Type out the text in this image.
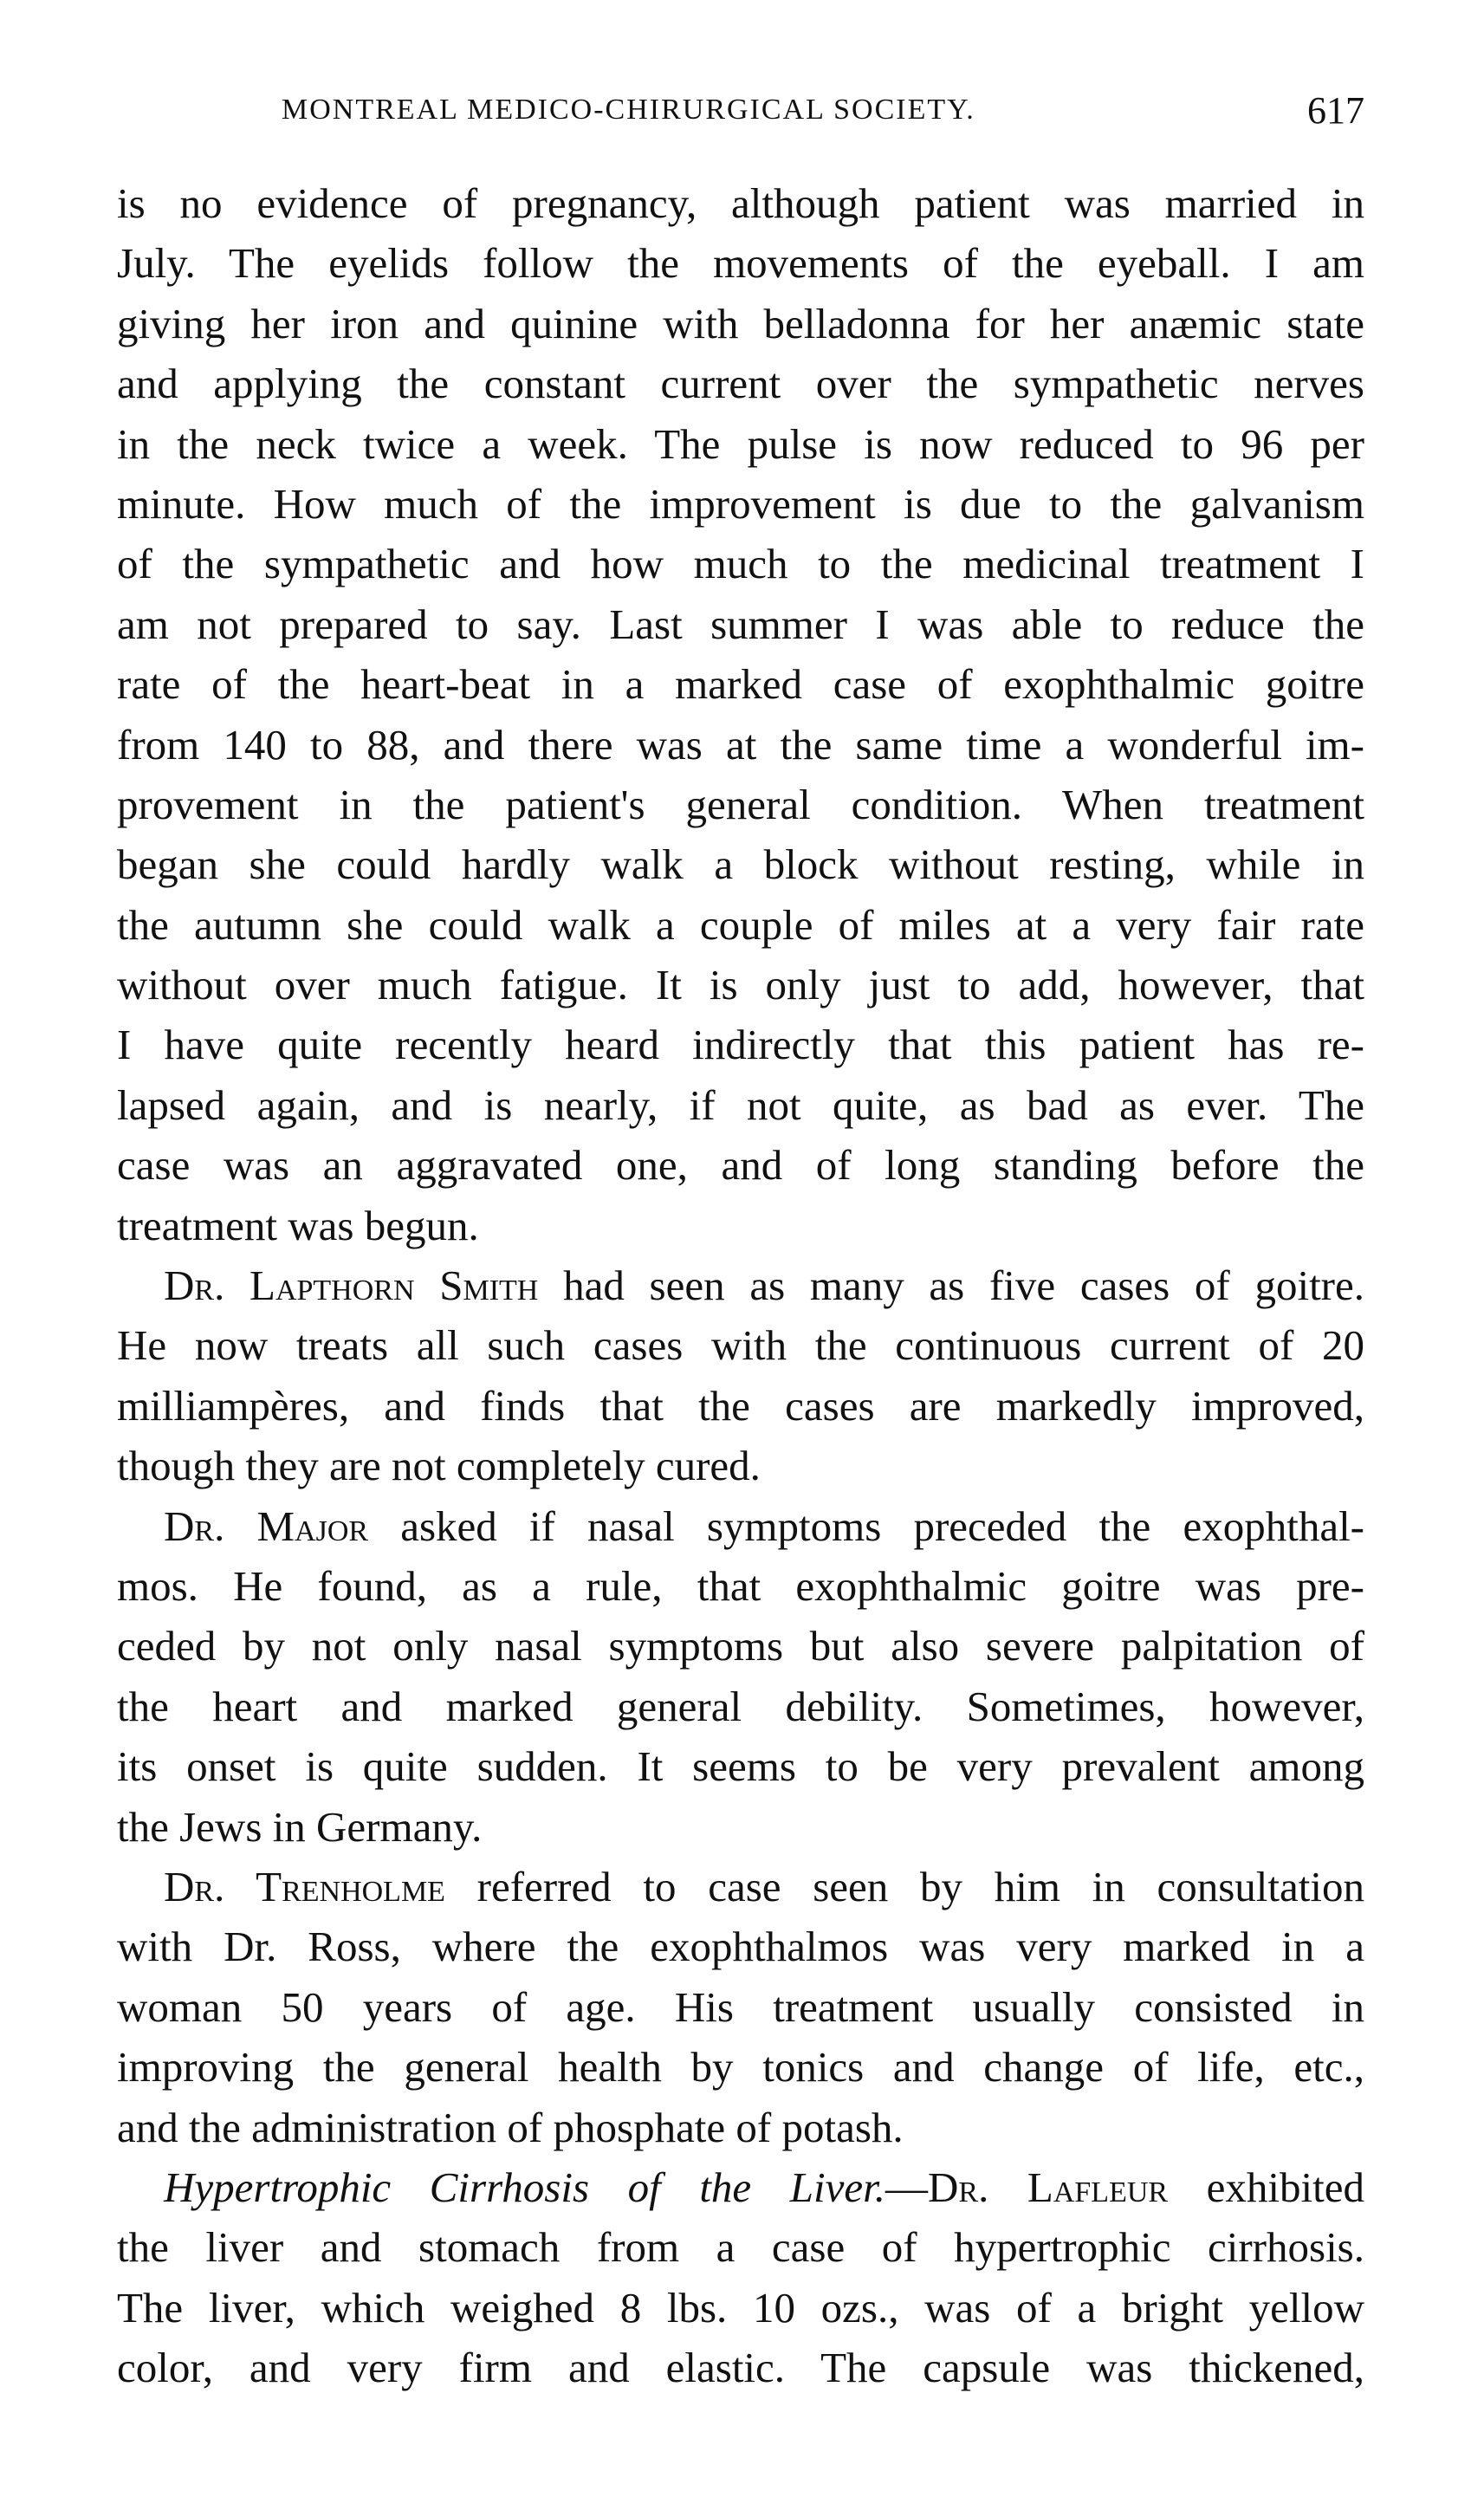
MONTREAL MEDICO-CHIRURGICAL SOCIETY.	617
is no evidence of pregnancy, although patient was married in
July. The eyelids follow the movements of the eyeball. I am
giving her iron and quinine with belladonna for her anæmic state
and applying the constant current over the sympathetic nerves
in the neck twice a week. The pulse is now reduced to 96 per
minute. How much of the improvement is due to the galvanism
of the sympathetic and how much to the medicinal treatment I
am not prepared to say. Last summer I was able to reduce the
rate of the heart-beat in a marked case of exophthalmic goitre
from 140 to 88, and there was at the same time a wonderful im-
provement in the patient's general condition. When treatment
began she could hardly walk a block without resting, while in
the autumn she could walk a couple of miles at a very fair rate
without over much fatigue. It is only just to add, however, that
I have quite recently heard indirectly that this patient has re-
lapsed again, and is nearly, if not quite, as bad as ever. The
case was an aggravated one, and of long standing before the
treatment was begun.
Dr. Lapthorn Smith had seen as many as five cases of goitre.
He now treats all such cases with the continuous current of 20
milliampères, and finds that the cases are markedly improved,
though they are not completely cured.
Dr. Major asked if nasal symptoms preceded the exophthal-
mos. He found, as a rule, that exophthalmic goitre was pre-
ceded by not only nasal symptoms but also severe palpitation of
the heart and marked general debility. Sometimes, however,
its onset is quite sudden. It seems to be very prevalent among
the Jews in Germany.
Dr. Trenholme referred to case seen by him in consultation
with Dr. Ross, where the exophthalmos was very marked in a
woman 50 years of age. His treatment usually consisted in
improving the general health by tonics and change of life, etc.,
and the administration of phosphate of potash.
Hypertrophic Cirrhosis of the Liver.—Dr. Lafleur exhibited
the liver and stomach from a case of hypertrophic cirrhosis.
The liver, which weighed 8 lbs. 10 ozs., was of a bright yellow
color, and very firm and elastic. The capsule was thickened,
